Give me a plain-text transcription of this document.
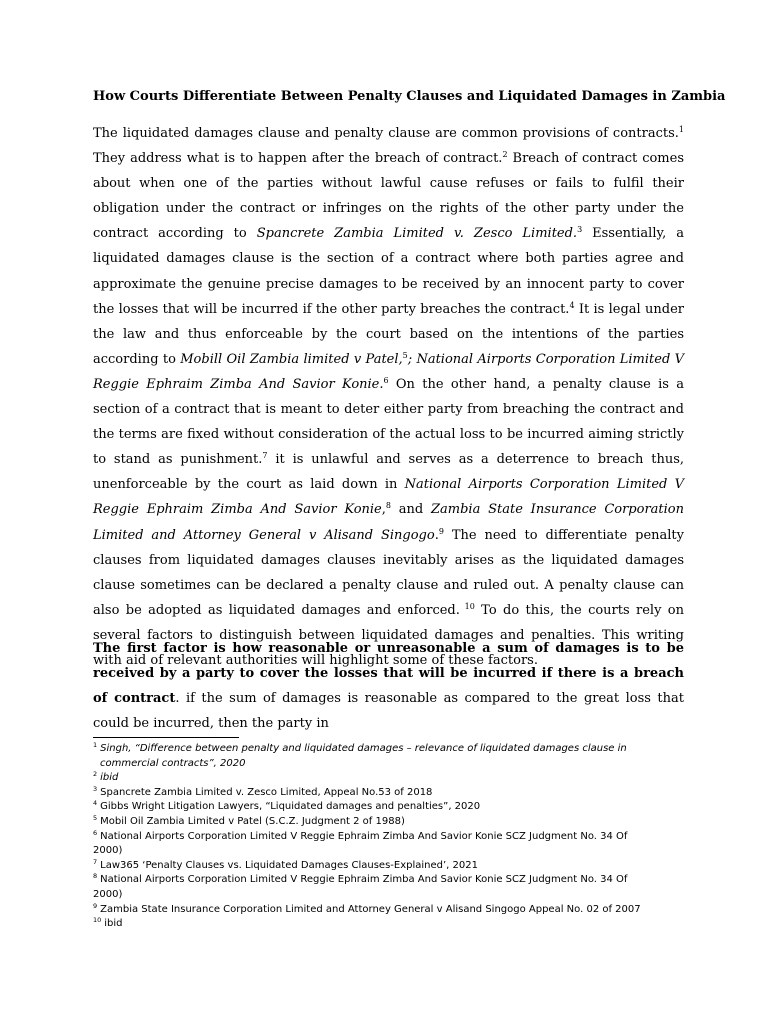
How Courts Differentiate Between Penalty Clauses and Liquidated Damages in Zambia

The liquidated damages clause and penalty clause are common provisions of contracts.$^1$ They address what is to happen after the breach of contract.$^2$ Breach of contract comes about when one of the parties without lawful cause refuses or fails to fulfil their obligation under the contract or infringes on the rights of the other party under the contract according to Spancrete Zambia Limited v. Zesco Limited.$^3$ Essentially, a liquidated damages clause is the section of a contract where both parties agree and approximate the genuine precise damages to be received by an innocent party to cover the losses that will be incurred if the other party breaches the contract.$^4$ It is legal under the law and thus enforceable by the court based on the intentions of the parties according to Mobill Oil Zambia limited v Patel,$^5$; National Airports Corporation Limited V Reggie Ephraim Zimba And Savior Konie.$^6$ On the other hand, a penalty clause is a section of a contract that is meant to deter either party from breaching the contract and the terms are fixed without consideration of the actual loss to be incurred aiming strictly to stand as punishment.$^7$ it is unlawful and serves as a deterrence to breach thus, unenforceable by the court as laid down in National Airports Corporation Limited V Reggie Ephraim Zimba And Savior Konie,$^8$ and Zambia State Insurance Corporation Limited and Attorney General v Alisand Singogo.$^9$ The need to differentiate penalty clauses from liquidated damages clauses inevitably arises as the liquidated damages clause sometimes can be declared a penalty clause and ruled out. A penalty clause can also be adopted as liquidated damages and enforced. $^{10}$ To do this, the courts rely on several factors to distinguish between liquidated damages and penalties. This writing with aid of relevant authorities will highlight some of these factors.

The first factor is how reasonable or unreasonable a sum of damages is to be received by a party to cover the losses that will be incurred if there is a breach of contract. if the sum of damages is reasonable as compared to the great loss that could be incurred, then the party in

$^1$ Singh, “Difference between penalty and liquidated damages – relevance of liquidated damages clause in
commercial contracts”, 2020

$^2$ ibid

$^3$ Spancrete Zambia Limited v. Zesco Limited, Appeal No.53 of 2018

$^4$ Gibbs Wright Litigation Lawyers, “Liquidated damages and penalties”, 2020

$^5$ Mobil Oil Zambia Limited v Patel (S.C.Z. Judgment 2 of 1988)

$^6$ National Airports Corporation Limited V Reggie Ephraim Zimba And Savior Konie SCZ Judgment No. 34 Of
2000)

$^7$ Law365 ‘Penalty Clauses vs. Liquidated Damages Clauses-Explained’, 2021

$^8$ National Airports Corporation Limited V Reggie Ephraim Zimba And Savior Konie SCZ Judgment No. 34 Of
2000)

$^9$ Zambia State Insurance Corporation Limited and Attorney General v Alisand Singogo Appeal No. 02 of 2007

$^{10}$ ibid
